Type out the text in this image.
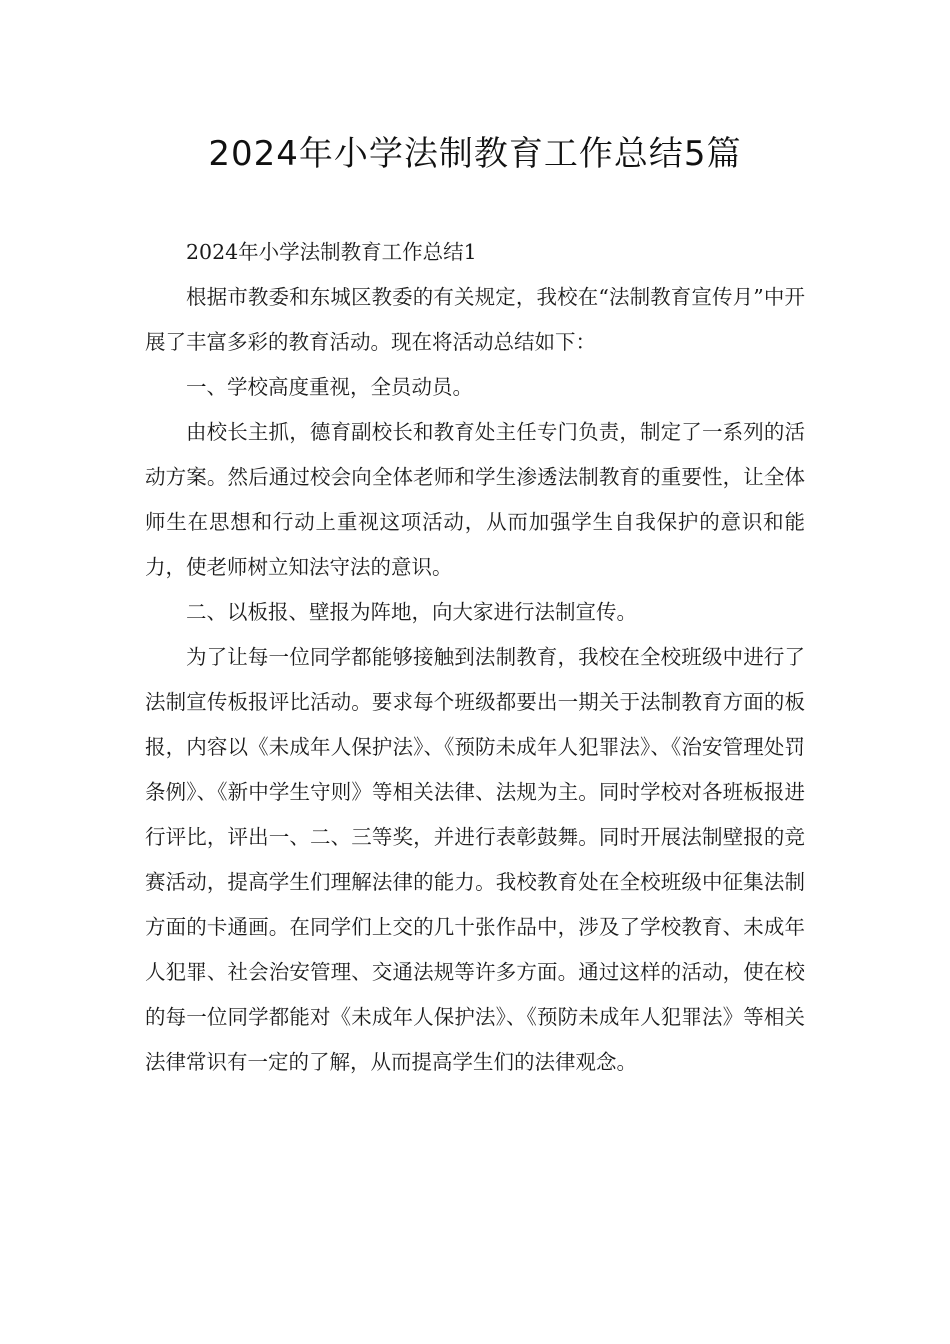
2024年小学法制教育工作总结5篇

2024年小学法制教育工作总结1

根据市教委和东城区教委的有关规定，我校在“法制教育宣传月”中开展了丰富多彩的教育活动。现在将活动总结如下：

一、学校高度重视，全员动员。

由校长主抓，德育副校长和教育处主任专门负责，制定了一系列的活动方案。然后通过校会向全体老师和学生渗透法制教育的重要性，让全体师生在思想和行动上重视这项活动，从而加强学生自我保护的意识和能力，使老师树立知法守法的意识。

二、以板报、壁报为阵地，向大家进行法制宣传。

为了让每一位同学都能够接触到法制教育，我校在全校班级中进行了法制宣传板报评比活动。要求每个班级都要出一期关于法制教育方面的板报，内容以《未成年人保护法》、《预防未成年人犯罪法》、《治安管理处罚条例》、《新中学生守则》等相关法律、法规为主。同时学校对各班板报进行评比，评出一、二、三等奖，并进行表彰鼓舞。同时开展法制壁报的竞赛活动，提高学生们理解法律的能力。我校教育处在全校班级中征集法制方面的卡通画。在同学们上交的几十张作品中，涉及了学校教育、未成年人犯罪、社会治安管理、交通法规等许多方面。通过这样的活动，使在校的每一位同学都能对《未成年人保护法》、《预防未成年人犯罪法》等相关法律常识有一定的了解，从而提高学生们的法律观念。
